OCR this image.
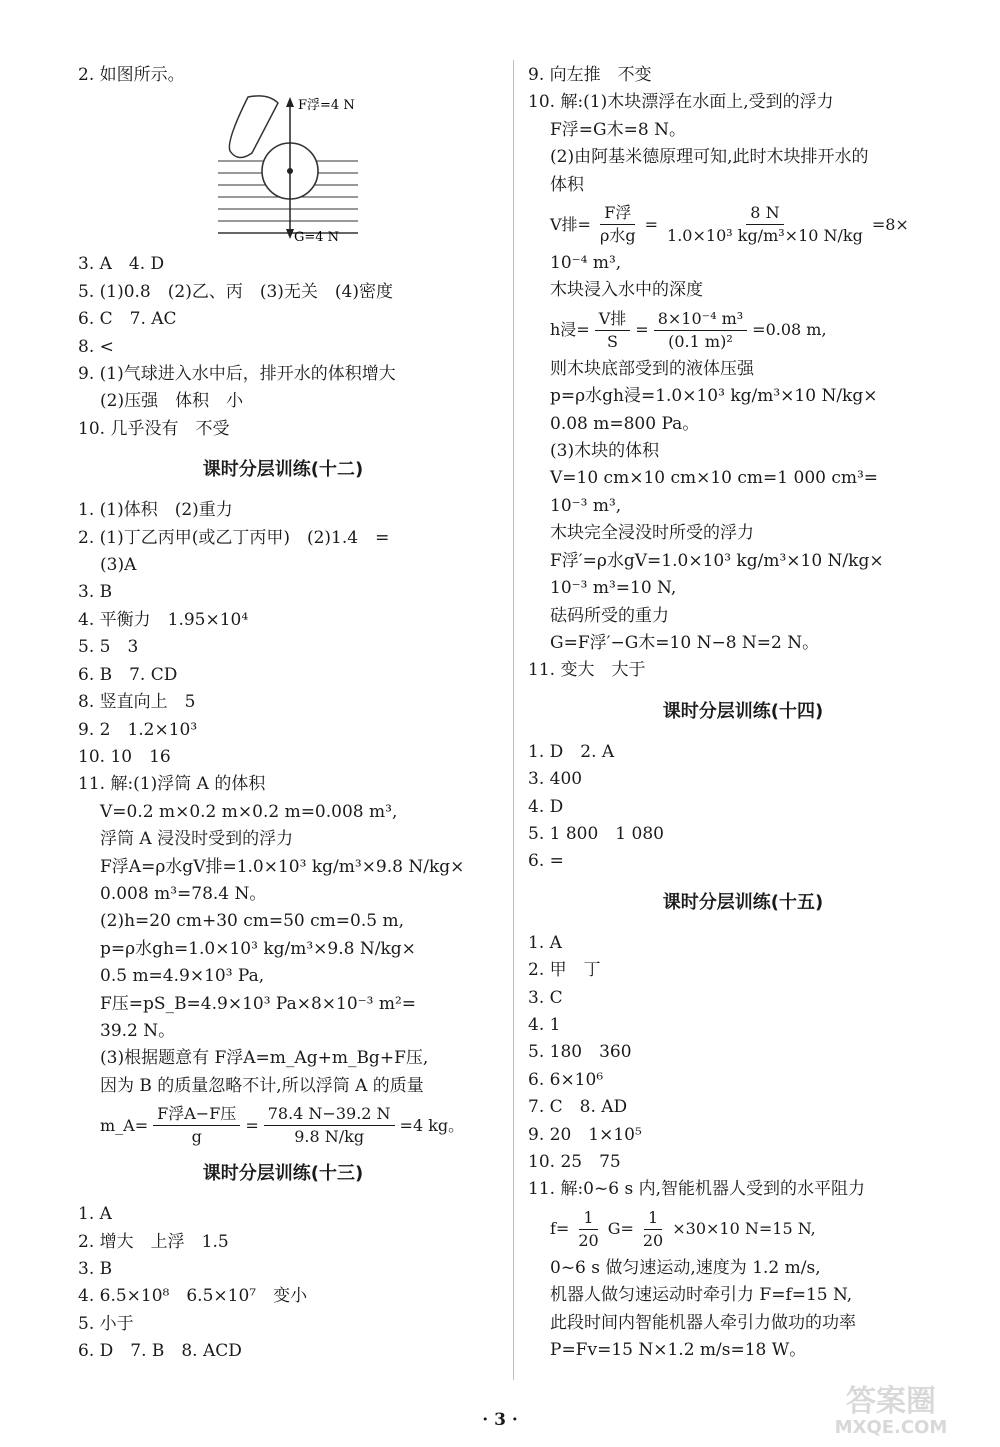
2. 如图所示。

F浮=4 N
G=4 N

3. A　4. D

5. (1)0.8　(2)乙、丙　(3)无关　(4)密度

6. C　7. AC

8. <

9. (1)气球进入水中后，排开水的体积增大

(2)压强　体积　小

10. 几乎没有　不受

课时分层训练(十二)

1. (1)体积　(2)重力

2. (1)丁乙丙甲(或乙丁丙甲)　(2)1.4　=

(3)A

3. B

4. 平衡力　1.95×10⁴

5. 5　3

6. B　7. CD

8. 竖直向上　5

9. 2　1.2×10³

10. 10　16

11. 解:(1)浮筒 A 的体积

V=0.2 m×0.2 m×0.2 m=0.008 m³,

浮筒 A 浸没时受到的浮力

F浮A=ρ水gV排=1.0×10³ kg/m³×9.8 N/kg×

0.008 m³=78.4 N。

(2)h=20 cm+30 cm=50 cm=0.5 m,

p=ρ水gh=1.0×10³ kg/m³×9.8 N/kg×

0.5 m=4.9×10³ Pa,

F压=pS_B=4.9×10³ Pa×8×10⁻³ m²=

39.2 N。

(3)根据题意有 F浮A=m_Ag+m_Bg+F压,

因为 B 的质量忽略不计,所以浮筒 A 的质量

m_A= $\frac{\text{F浮A−F压}}{g} = \frac{78.4 N-39.2 N}{9.8 N/kg} =4$ kg。
课时分层训练(十三)

1. A

2. 增大　上浮　1.5

3. B

4. 6.5×10⁸　6.5×10⁷　变小

5. 小于

6. D　7. B　8. ACD

9. 向左推　不变

10. 解:(1)木块漂浮在水面上,受到的浮力

F浮=G木=8 N。

(2)由阿基米德原理可知,此时木块排开水的

体积

V排= $\frac{\text{F浮}}{\text{ρ水g}} = \frac{8 N}{\text{1.0×10³ kg/m³×10 N/kg}} =8\times$

10⁻⁴ m³,

木块浸入水中的深度

h浸= $\frac{\text{V排}}{S} = \frac{\text{8×10⁻⁴ m³}}{\text{(0.1 m)²}} =0.08$ m,

则木块底部受到的液体压强

p=ρ水gh浸=1.0×10³ kg/m³×10 N/kg×

0.08 m=800 Pa。

(3)木块的体积

V=10 cm×10 cm×10 cm=1 000 cm³=

10⁻³ m³,

木块完全浸没时所受的浮力

F浮′=ρ水gV=1.0×10³ kg/m³×10 N/kg×

10⁻³ m³=10 N,

砝码所受的重力

G=F浮′−G木=10 N−8 N=2 N。

11. 变大　大于

课时分层训练(十四)

1. D　2. A

3. 400

4. D

5. 1 800　1 080

6. =

课时分层训练(十五)

1. A

2. 甲　丁

3. C

4. 1

5. 180　360

6. 6×10⁶

7. C　8. AD

9. 20　1×10⁵

10. 25　75

11. 解:0~6 s 内,智能机器人受到的水平阻力

$f= \frac{1}{20} G= \frac{1}{20} \times 30\times 10$ N=15 N,

0~6 s 做匀速运动,速度为 1.2 m/s,

机器人做匀速运动时牵引力 F=f=15 N,

此段时间内智能机器人牵引力做功的功率

P=Fv=15 N×1.2 m/s=18 W。

· 3 ·
答案圈
MXQE.COM
